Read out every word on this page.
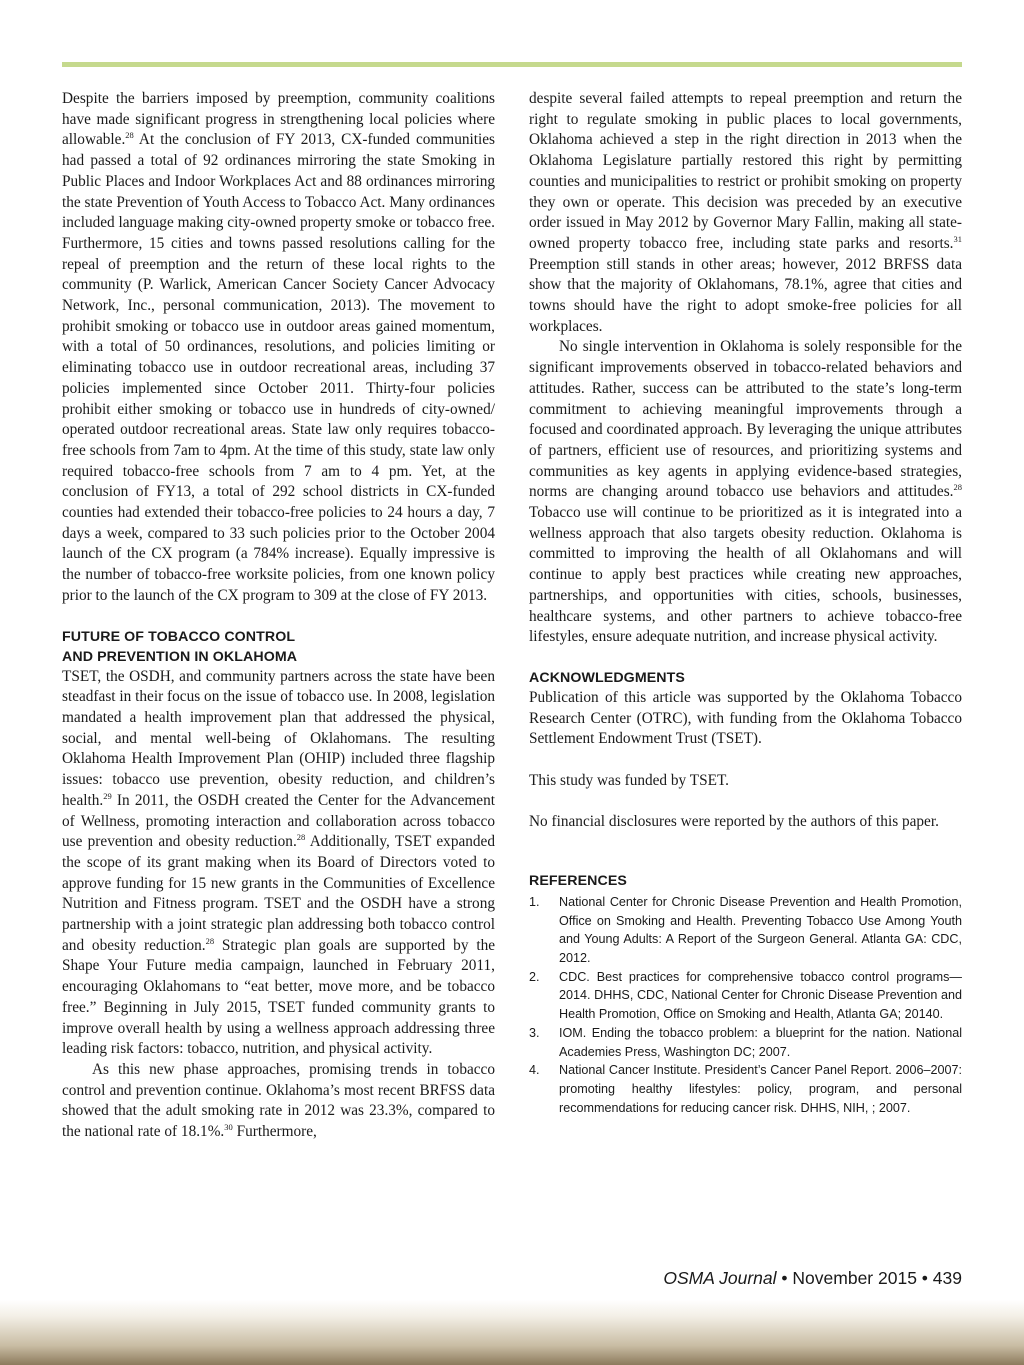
Despite the barriers imposed by preemption, community coalitions have made significant progress in strengthening local policies where allowable.$^{28}$ At the conclusion of FY 2013, CX-funded communities had passed a total of 92 ordinances mirroring the state Smoking in Public Places and Indoor Workplaces Act and 88 ordinances mirroring the state Prevention of Youth Access to Tobacco Act. Many ordinances included language making city-owned property smoke or tobacco free. Furthermore, 15 cities and towns passed resolutions calling for the repeal of preemption and the return of these local rights to the community (P. Warlick, American Cancer Society Cancer Advocacy Network, Inc., personal communication, 2013). The movement to prohibit smoking or tobacco use in outdoor areas gained momentum, with a total of 50 ordinances, resolutions, and policies limiting or eliminating tobacco use in outdoor recreational areas, including 37 policies implemented since October 2011. Thirty-four policies prohibit either smoking or tobacco use in hundreds of city-owned/ operated outdoor recreational areas. State law only requires tobacco-free schools from 7am to 4pm. At the time of this study, state law only required tobacco-free schools from 7 am to 4 pm. Yet, at the conclusion of FY13, a total of 292 school districts in CX-funded counties had extended their tobacco-free policies to 24 hours a day, 7 days a week, compared to 33 such policies prior to the October 2004 launch of the CX program (a 784% increase). Equally impressive is the number of tobacco-free worksite policies, from one known policy prior to the launch of the CX program to 309 at the close of FY 2013.

FUTURE OF TOBACCO CONTROL
AND PREVENTION IN OKLAHOMA

TSET, the OSDH, and community partners across the state have been steadfast in their focus on the issue of tobacco use. In 2008, legislation mandated a health improvement plan that addressed the physical, social, and mental well-being of Oklahomans. The resulting Oklahoma Health Improvement Plan (OHIP) included three flagship issues: tobacco use prevention, obesity reduction, and children’s health.$^{29}$ In 2011, the OSDH created the Center for the Advancement of Wellness, promoting interaction and collaboration across tobacco use prevention and obesity reduction.$^{28}$ Additionally, TSET expanded the scope of its grant making when its Board of Directors voted to approve funding for 15 new grants in the Communities of Excellence Nutrition and Fitness program. TSET and the OSDH have a strong partnership with a joint strategic plan addressing both tobacco control and obesity reduction.$^{28}$ Strategic plan goals are supported by the Shape Your Future media campaign, launched in February 2011, encouraging Oklahomans to “eat better, move more, and be tobacco free.” Beginning in July 2015, TSET funded community grants to improve overall health by using a wellness approach addressing three leading risk factors: tobacco, nutrition, and physical activity.

As this new phase approaches, promising trends in tobacco control and prevention continue. Oklahoma’s most recent BRFSS data showed that the adult smoking rate in 2012 was 23.3%, compared to the national rate of 18.1%.$^{30}$ Furthermore,

despite several failed attempts to repeal preemption and return the right to regulate smoking in public places to local governments, Oklahoma achieved a step in the right direction in 2013 when the Oklahoma Legislature partially restored this right by permitting counties and municipalities to restrict or prohibit smoking on property they own or operate. This decision was preceded by an executive order issued in May 2012 by Governor Mary Fallin, making all state-owned property tobacco free, including state parks and resorts.$^{31}$ Preemption still stands in other areas; however, 2012 BRFSS data show that the majority of Oklahomans, 78.1%, agree that cities and towns should have the right to adopt smoke-free policies for all workplaces.

No single intervention in Oklahoma is solely responsible for the significant improvements observed in tobacco-related behaviors and attitudes. Rather, success can be attributed to the state’s long-term commitment to achieving meaningful improvements through a focused and coordinated approach. By leveraging the unique attributes of partners, efficient use of resources, and prioritizing systems and communities as key agents in applying evidence-based strategies, norms are changing around tobacco use behaviors and attitudes.$^{28}$ Tobacco use will continue to be prioritized as it is integrated into a wellness approach that also targets obesity reduction. Oklahoma is committed to improving the health of all Oklahomans and will continue to apply best practices while creating new approaches, partnerships, and opportunities with cities, schools, businesses, healthcare systems, and other partners to achieve tobacco-free lifestyles, ensure adequate nutrition, and increase physical activity.

ACKNOWLEDGMENTS

Publication of this article was supported by the Oklahoma Tobacco Research Center (OTRC), with funding from the Oklahoma Tobacco Settlement Endowment Trust (TSET).

This study was funded by TSET.

No financial disclosures were reported by the authors of this paper.

REFERENCES
1.	National Center for Chronic Disease Prevention and Health Promotion, Office on Smoking and Health. Preventing Tobacco Use Among Youth and Young Adults: A Report of the Surgeon General. Atlanta GA: CDC, 2012.
2.	CDC. Best practices for comprehensive tobacco control programs—2014. DHHS, CDC, National Center for Chronic Disease Prevention and Health Promotion, Office on Smoking and Health, Atlanta GA; 20140.
3.	IOM. Ending the tobacco problem: a blueprint for the nation. National Academies Press, Washington DC; 2007.
4.	National Cancer Institute. President’s Cancer Panel Report. 2006–2007: promoting healthy lifestyles: policy, program, and personal recommendations for reducing cancer risk. DHHS, NIH, ; 2007.
OSMA Journal • November 2015 • 439
